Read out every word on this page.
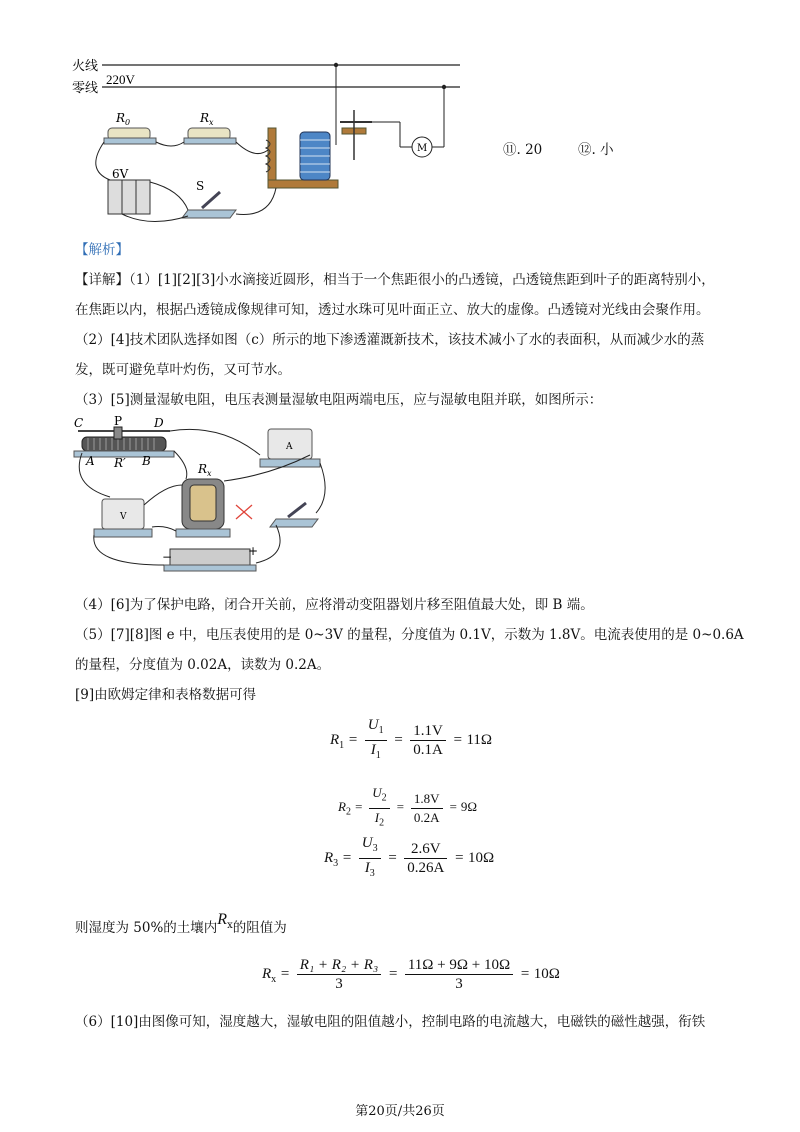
火线
零线
220V
$R_0$	$R_x$
6V
S
M	⑪. 20	⑫. 小
【解析】
【详解】（1）[1][2][3]小水滴接近圆形，相当于一个焦距很小的凸透镜，凸透镜焦距到叶子的距离特别小，
在焦距以内，根据凸透镜成像规律可知，透过水珠可见叶面正立、放大的虚像。凸透镜对光线由会聚作用。
（2）[4]技术团队选择如图（c）所示的地下渗透灌溉新技术，该技术减小了水的表面积，从而减少水的蒸
发，既可避免草叶灼伤，又可节水。
（3）[5]测量湿敏电阻，电压表测量湿敏电阻两端电压，应与湿敏电阻并联，如图所示：
C	P	D
A R′ B
$R_x$
V
A
−	+
（4）[6]为了保护电路，闭合开关前，应将滑动变阻器划片移至阻值最大处，即 B 端。
（5）[7][8]图 e 中，电压表使用的是 0~3V 的量程，分度值为 0.1V，示数为 1.8V。电流表使用的是 0~0.6A
的量程，分度值为 0.02A，读数为 0.2A。
[9]由欧姆定律和表格数据可得
$R_1 = \frac{U_1}{I_1} = \frac{1.1V}{0.1A} = 11\Omega$
$R_2 = \frac{U_2}{I_2} = \frac{1.8V}{0.2A} = 9\Omega$
$R_3 = \frac{U_3}{I_3} = \frac{2.6V}{0.26A} = 10\Omega$
则湿度为 50%的土壤内$R_x$的阻值为
$R_x = \frac{\text{R₁ + R₂ + R₃}}{3} = \frac{11\Omega + 9\Omega + 10\Omega}{3} = 10\Omega$
（6）[10]由图像可知，湿度越大，湿敏电阻的阻值越小，控制电路的电流越大，电磁铁的磁性越强，衔铁
第20页/共26页
